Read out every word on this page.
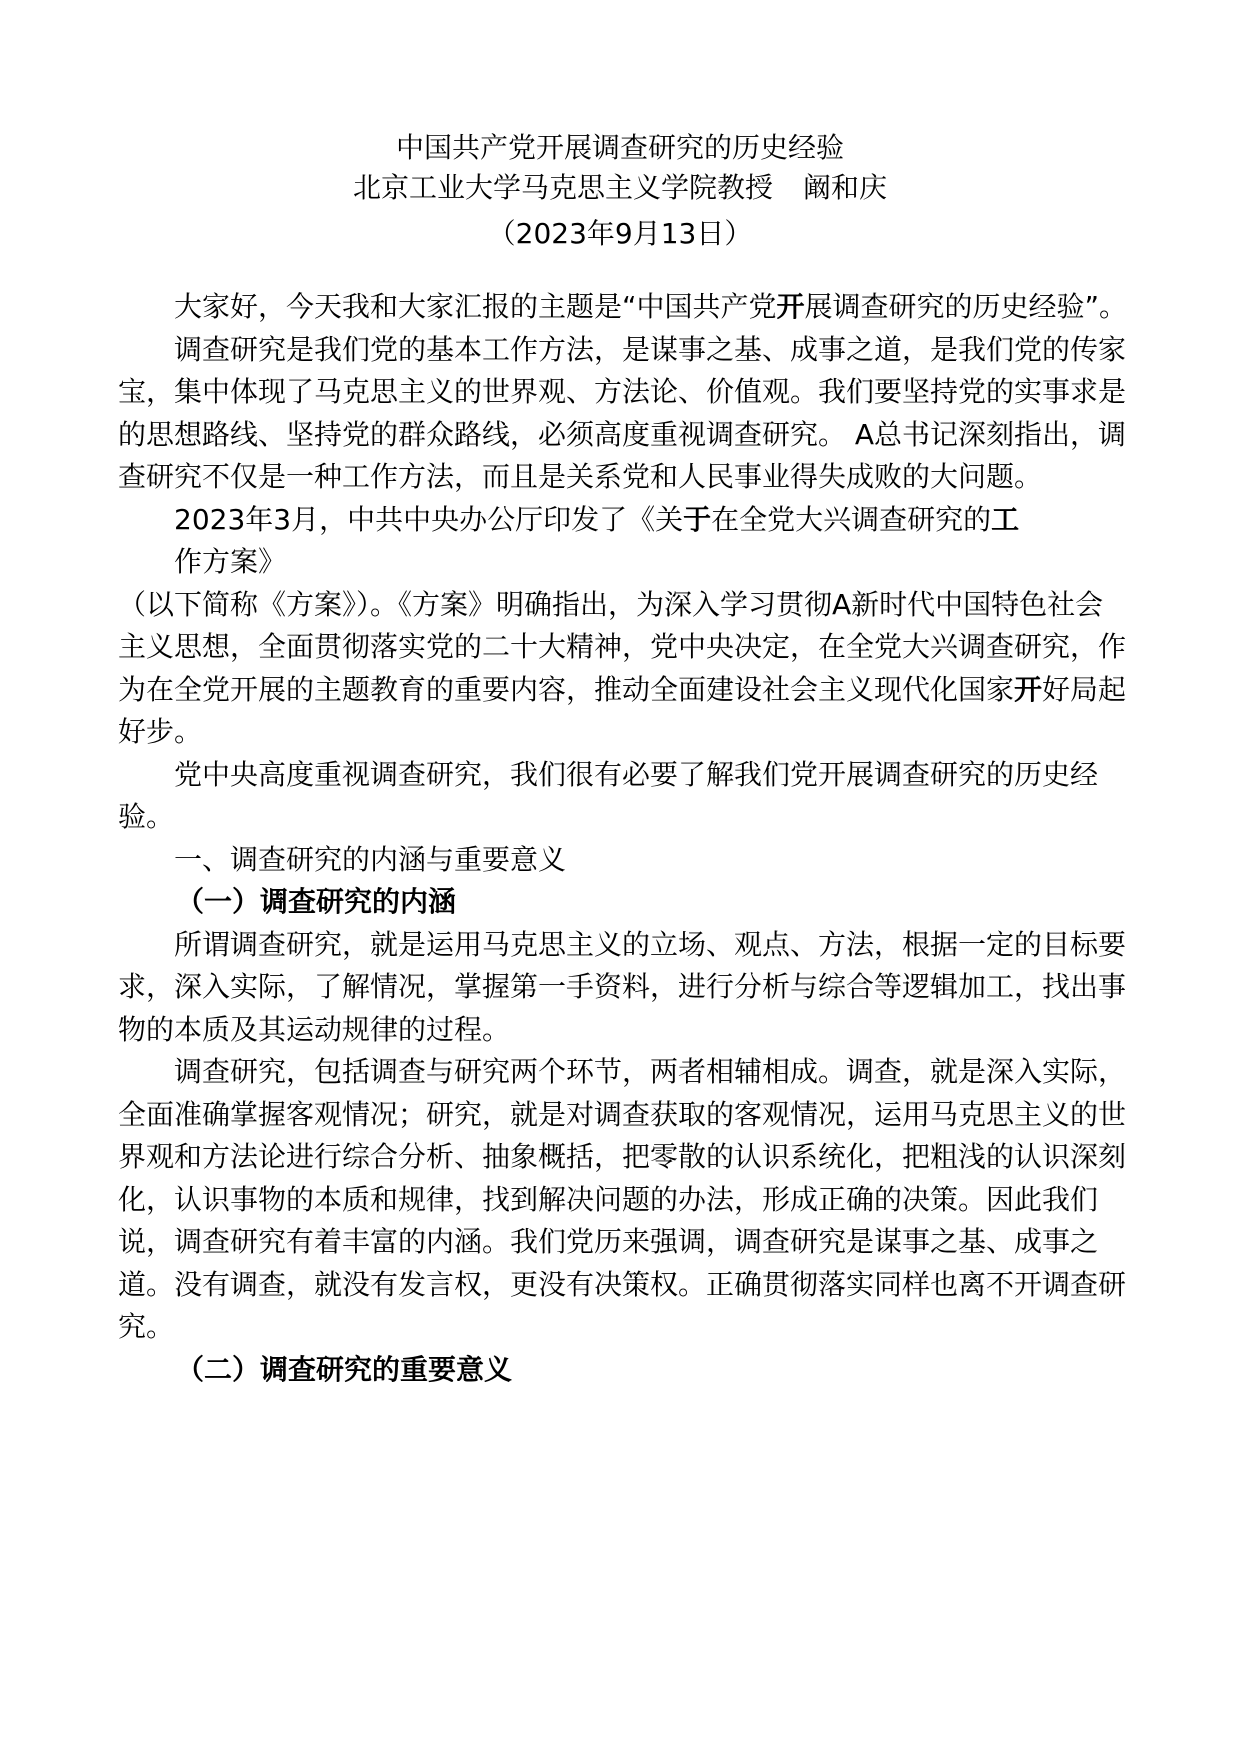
中国共产党开展调查研究的历史经验
北京工业大学马克思主义学院教授 阚和庆
（2023年9月13日）

大家好，今天我和大家汇报的主题是“中国共产党开展调查研究的历史经验”。

调查研究是我们党的基本工作方法，是谋事之基、成事之道，是我们党的传家宝，集中体现了马克思主义的世界观、方法论、价值观。我们要坚持党的实事求是的思想路线、坚持党的群众路线，必须高度重视调查研究。 A总书记深刻指出，调查研究不仅是一种工作方法，而且是关系党和人民事业得失成败的大问题。

2023年3月，中共中央办公厅印发了《关于在全党大兴调查研究的工作方案》

（以下简称《方案》）。《方案》明确指出，为深入学习贯彻A新时代中国特色社会主义思想，全面贯彻落实党的二十大精神，党中央决定，在全党大兴调查研究，作为在全党开展的主题教育的重要内容，推动全面建设社会主义现代化国家开好局起好步。

党中央高度重视调查研究，我们很有必要了解我们党开展调查研究的历史经验。

一、调查研究的内涵与重要意义

（一）调查研究的内涵

所谓调查研究，就是运用马克思主义的立场、观点、方法，根据一定的目标要求，深入实际，了解情况，掌握第一手资料，进行分析与综合等逻辑加工，找出事物的本质及其运动规律的过程。

调查研究，包括调查与研究两个环节，两者相辅相成。调查，就是深入实际，全面准确掌握客观情况；研究，就是对调查获取的客观情况，运用马克思主义的世界观和方法论进行综合分析、抽象概括，把零散的认识系统化，把粗浅的认识深刻化，认识事物的本质和规律，找到解决问题的办法，形成正确的决策。因此我们说，调查研究有着丰富的内涵。我们党历来强调，调查研究是谋事之基、成事之道。没有调查，就没有发言权，更没有决策权。正确贯彻落实同样也离不开调查研究。

（二）调查研究的重要意义
